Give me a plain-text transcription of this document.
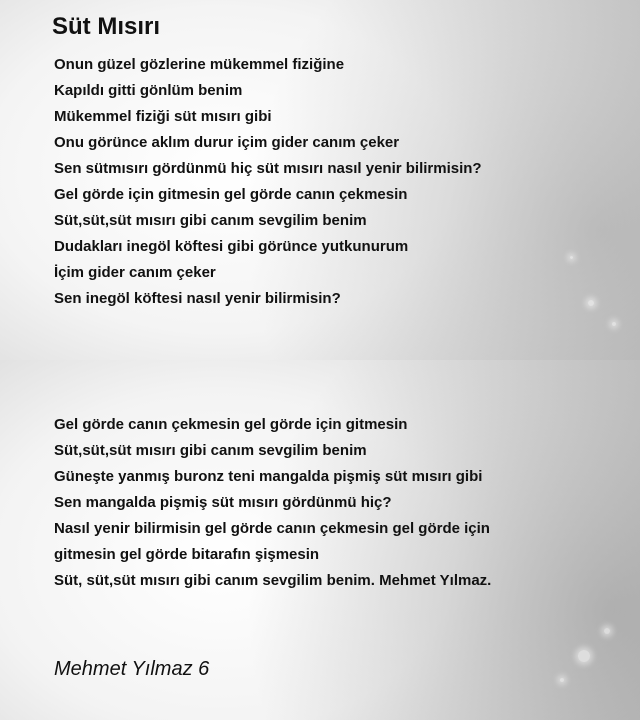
Süt Mısırı
Onun güzel gözlerine mükemmel fiziğine
Kapıldı gitti gönlüm benim
Mükemmel fiziği süt mısırı gibi
Onu görünce aklım durur içim gider canım çeker
Sen sütmısırı gördünmü hiç süt mısırı nasıl yenir bilirmisin?
Gel görde için gitmesin gel görde canın çekmesin
Süt,süt,süt mısırı gibi canım sevgilim benim
Dudakları inegöl köftesi gibi görünce yutkunurum
İçim gider canım çeker
Sen inegöl köftesi nasıl yenir bilirmisin?
Gel görde canın çekmesin gel görde için gitmesin
Süt,süt,süt mısırı gibi canım sevgilim benim
Güneşte yanmış buronz teni mangalda pişmiş süt mısırı gibi
Sen mangalda pişmiş süt mısırı gördünmü hiç?
Nasıl yenir bilirmisin gel görde canın çekmesin gel görde için
gitmesin gel görde bitarafın şişmesin
Süt, süt,süt mısırı gibi canım sevgilim benim. Mehmet Yılmaz.

Mehmet Yılmaz 6
